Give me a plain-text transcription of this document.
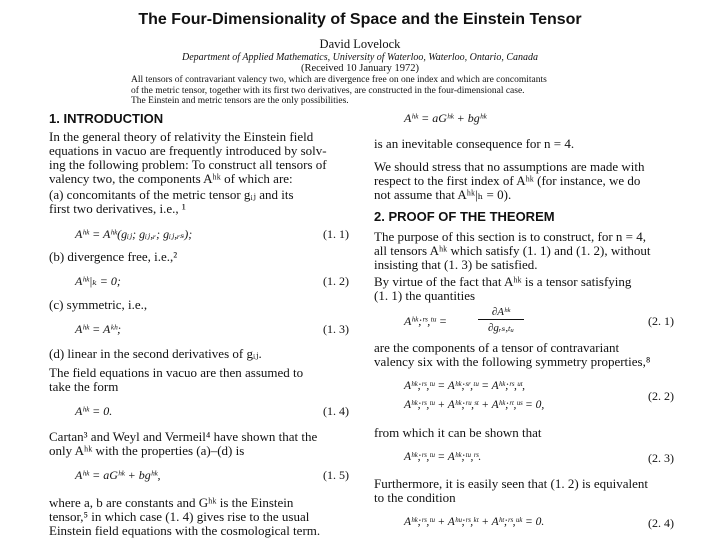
The Four-Dimensionality of Space and the Einstein Tensor
David Lovelock
Department of Applied Mathematics, University of Waterloo, Waterloo, Ontario, Canada
(Received 10 January 1972)
All tensors of contravariant valency two, which are divergence free on one index and which are concomitants
of the metric tensor, together with its first two derivatives, are constructed in the four-dimensional case.
The Einstein and metric tensors are the only possibilities.
1. INTRODUCTION
In the general theory of relativity the Einstein field
equations in vacuo are frequently introduced by solv-
ing the following problem: To construct all tensors of
valency two, the components Aʰᵏ of which are:
(a) concomitants of the metric tensor gᵢⱼ and its
first two derivatives, i.e., ¹
Aʰᵏ = Aʰᵏ(gᵢⱼ; gᵢⱼ,ᵣ; gᵢⱼ,ᵣₛ);	(1. 1)
(b) divergence free, i.e.,²
Aʰᵏ|ₖ = 0;	(1. 2)
(c) symmetric, i.e.,
Aʰᵏ = Aᵏʰ;	(1. 3)
(d) linear in the second derivatives of gᵢⱼ.
The field equations in vacuo are then assumed to
take the form
Aʰᵏ = 0.	(1. 4)
Cartan³ and Weyl and Vermeil⁴ have shown that the
only Aʰᵏ with the properties (a)–(d) is
Aʰᵏ = aGʰᵏ + bgʰᵏ,	(1. 5)
where a, b are constants and Gʰᵏ is the Einstein
tensor,⁵ in which case (1. 4) gives rise to the usual
Einstein field equations with the cosmological term.
Aʰᵏ = aGʰᵏ + bgʰᵏ
is an inevitable consequence for n = 4.
We should stress that no assumptions are made with
respect to the first index of Aʰᵏ (for instance, we do
not assume that Aʰᵏ|ₕ = 0).
2. PROOF OF THE THEOREM
The purpose of this section is to construct, for n = 4,
all tensors Aʰᵏ which satisfy (1. 1) and (1. 2), without
insisting that (1. 3) be satisfied.
By virtue of the fact that Aʰᵏ is a tensor satisfying
(1. 1) the quantities
Aʰᵏ;ʳˢ,ᵗᵘ =
∂Aʰᵏ
∂gᵣₛ,ₜᵤ	(2. 1)
are the components of a tensor of contravariant
valency six with the following symmetry properties,⁸
Aʰᵏ;ʳˢ,ᵗᵘ = Aʰᵏ;ˢʳ,ᵗᵘ = Aʰᵏ;ʳˢ,ᵘᵗ,
Aʰᵏ;ʳˢ,ᵗᵘ + Aʰᵏ;ʳᵘ,ˢᵗ + Aʰᵏ;ʳᵗ,ᵘˢ = 0,
(2. 2)
from which it can be shown that
Aʰᵏ;ʳˢ,ᵗᵘ = Aʰᵏ;ᵗᵘ,ʳˢ.	(2. 3)
Furthermore, it is easily seen that (1. 2) is equivalent
to the condition
Aʰᵏ;ʳˢ,ᵗᵘ + Aʰᵘ;ʳˢ,ᵏᵗ + Aʰᵗ;ʳˢ,ᵘᵏ = 0.	(2. 4)
